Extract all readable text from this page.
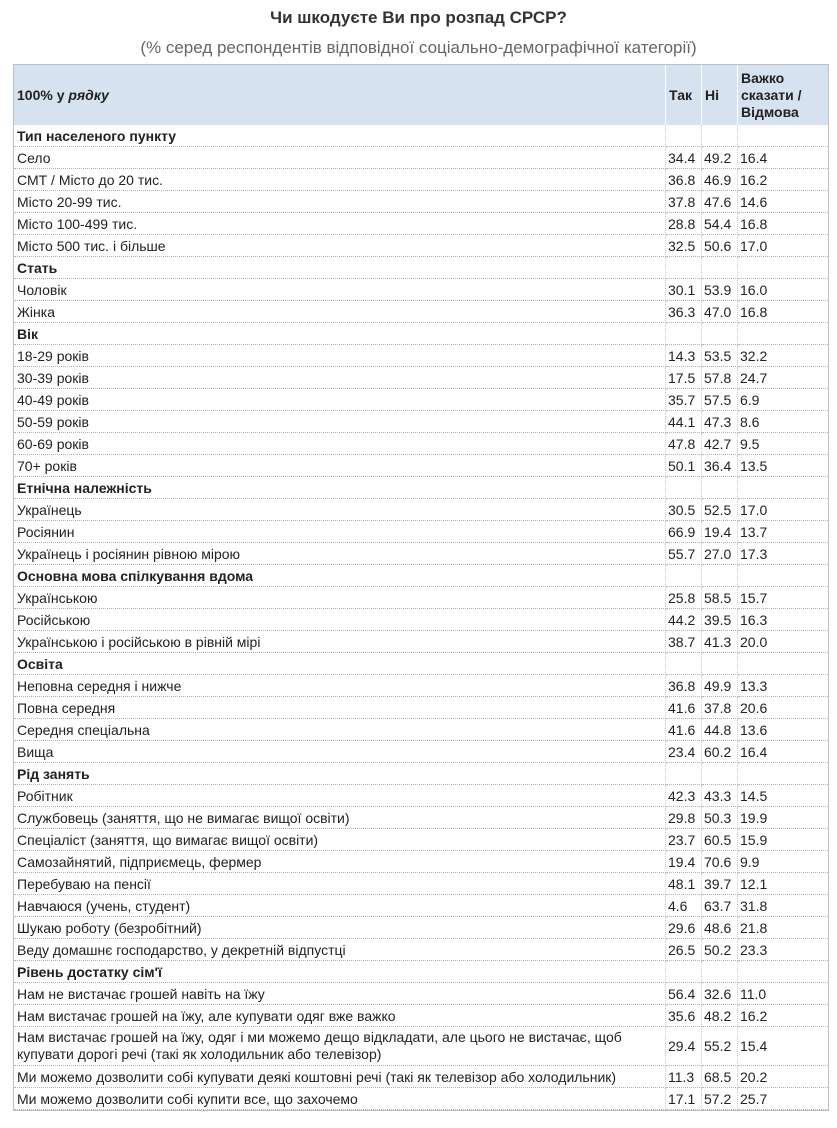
Чи шкодуєте Ви про розпад СРСР?
(% серед респондентів відповідної соціально-демографічної категорії)
100% у рядку	Так	Ні	Важко сказати / Відмова
Тип населеного пункту			
Село	34.4	49.2	16.4
СМТ / Місто до 20 тис.	36.8	46.9	16.2
Місто 20-99 тис.	37.8	47.6	14.6
Місто 100-499 тис.	28.8	54.4	16.8
Місто 500 тис. і більше	32.5	50.6	17.0
Стать			
Чоловік	30.1	53.9	16.0
Жінка	36.3	47.0	16.8
Вік			
18-29 років	14.3	53.5	32.2
30-39 років	17.5	57.8	24.7
40-49 років	35.7	57.5	6.9
50-59 років	44.1	47.3	8.6
60-69 років	47.8	42.7	9.5
70+ років	50.1	36.4	13.5
Етнічна належність			
Українець	30.5	52.5	17.0
Росіянин	66.9	19.4	13.7
Українець і росіянин рівною мірою	55.7	27.0	17.3
Основна мова спілкування вдома			
Українською	25.8	58.5	15.7
Російською	44.2	39.5	16.3
Українською і російською в рівній мірі	38.7	41.3	20.0
Освіта			
Неповна середня і нижче	36.8	49.9	13.3
Повна середня	41.6	37.8	20.6
Середня спеціальна	41.6	44.8	13.6
Вища	23.4	60.2	16.4
Рід занять			
Робітник	42.3	43.3	14.5
Службовець (заняття, що не вимагає вищої освіти)	29.8	50.3	19.9
Спеціаліст (заняття, що вимагає вищої освіти)	23.7	60.5	15.9
Самозайнятий, підприємець, фермер	19.4	70.6	9.9
Перебуваю на пенсії	48.1	39.7	12.1
Навчаюся (учень, студент)	4.6	63.7	31.8
Шукаю роботу (безробітний)	29.6	48.6	21.8
Веду домашнє господарство, у декретній відпустці	26.5	50.2	23.3
Рівень достатку сім'ї			
Нам не вистачає грошей навіть на їжу	56.4	32.6	11.0
Нам вистачає грошей на їжу, але купувати одяг вже важко	35.6	48.2	16.2
Нам вистачає грошей на їжу, одяг і ми можемо дещо відкладати, але цього не вистачає, щоб купувати дорогі речі (такі як холодильник або телевізор)	29.4	55.2	15.4
Ми можемо дозволити собі купувати деякі коштовні речі (такі як телевізор або холодильник)	11.3	68.5	20.2
Ми можемо дозволити собі купити все, що захочемо	17.1	57.2	25.7
